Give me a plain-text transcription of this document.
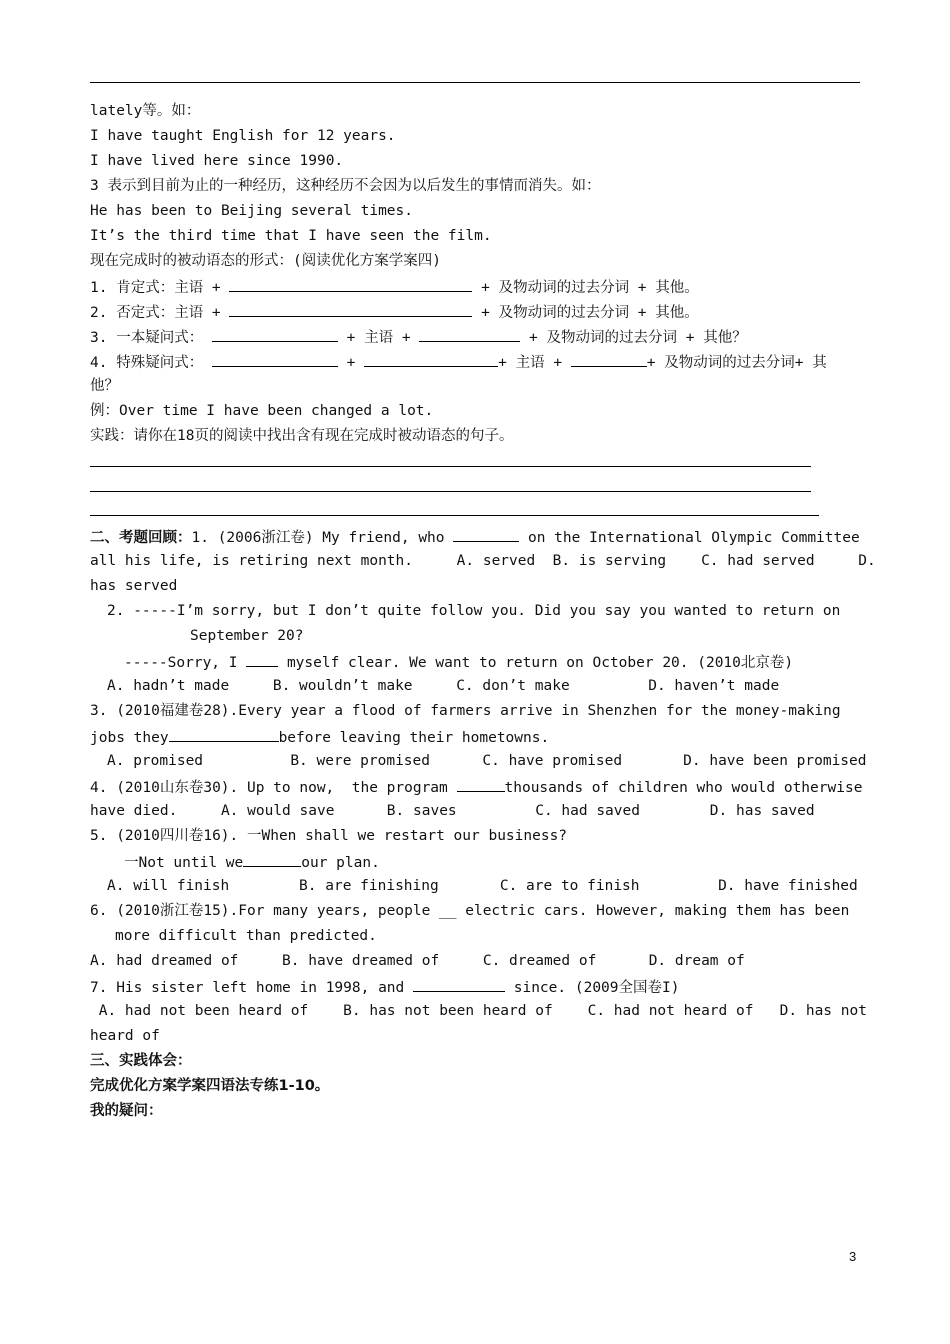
lately等。如：
I have taught English for 12 years.
I have lived here since 1990.
3 表示到目前为止的一种经历，这种经历不会因为以后发生的事情而消失。如：
He has been to Beijing several times.
It’s the third time that I have seen the film.
现在完成时的被动语态的形式：(阅读优化方案学案四)
1. 肯定式：主语 +	+ 及物动词的过去分词 + 其他。
2. 否定式：主语 +	+ 及物动词的过去分词 + 其他。
3. 一本疑问式：	+ 主语 +	+ 及物动词的过去分词 + 其他？
4. 特殊疑问式：	+	+ 主语 +	+ 及物动词的过去分词+ 其
他？
例：Over time I have been changed a lot.
实践：请你在18页的阅读中找出含有现在完成时被动语态的句子。
二、考题回顾：1. (2006浙江卷) My friend, who	on the International Olympic Committee
all his life, is retiring next month.     A. served  B. is serving    C. had served     D.
has served
2. -----I’m sorry, but I don’t quite follow you. Did you say you wanted to return on
September 20?
-----Sorry, I  myself clear. We want to return on October 20. (2010北京卷)
A. hadn’t made     B. wouldn’t make     C. don’t make         D. haven’t made
3. (2010福建卷28).Every year a flood of farmers arrive in Shenzhen for the money-making
jobs they	before leaving their hometowns.
A. promised          B. were promised      C. have promised       D. have been promised
4. (2010山东卷30). Up to now,  the program	thousands of children who would otherwise
have died.     A. would save      B. saves         C. had saved        D. has saved
5. (2010四川卷16). 一When shall we restart our business?
一Not until we	our plan.
A. will finish        B. are finishing       C. are to finish         D. have finished
6. (2010浙江卷15).For many years, people __ electric cars. However, making them has been
more difficult than predicted.
A. had dreamed of     B. have dreamed of     C. dreamed of      D. dream of
7. His sister left home in 1998, and	since. (2009全国卷I)
A. had not been heard of    B. has not been heard of    C. had not heard of   D. has not
heard of
三、实践体会：
完成优化方案学案四语法专练1-10。
我的疑问：
3
